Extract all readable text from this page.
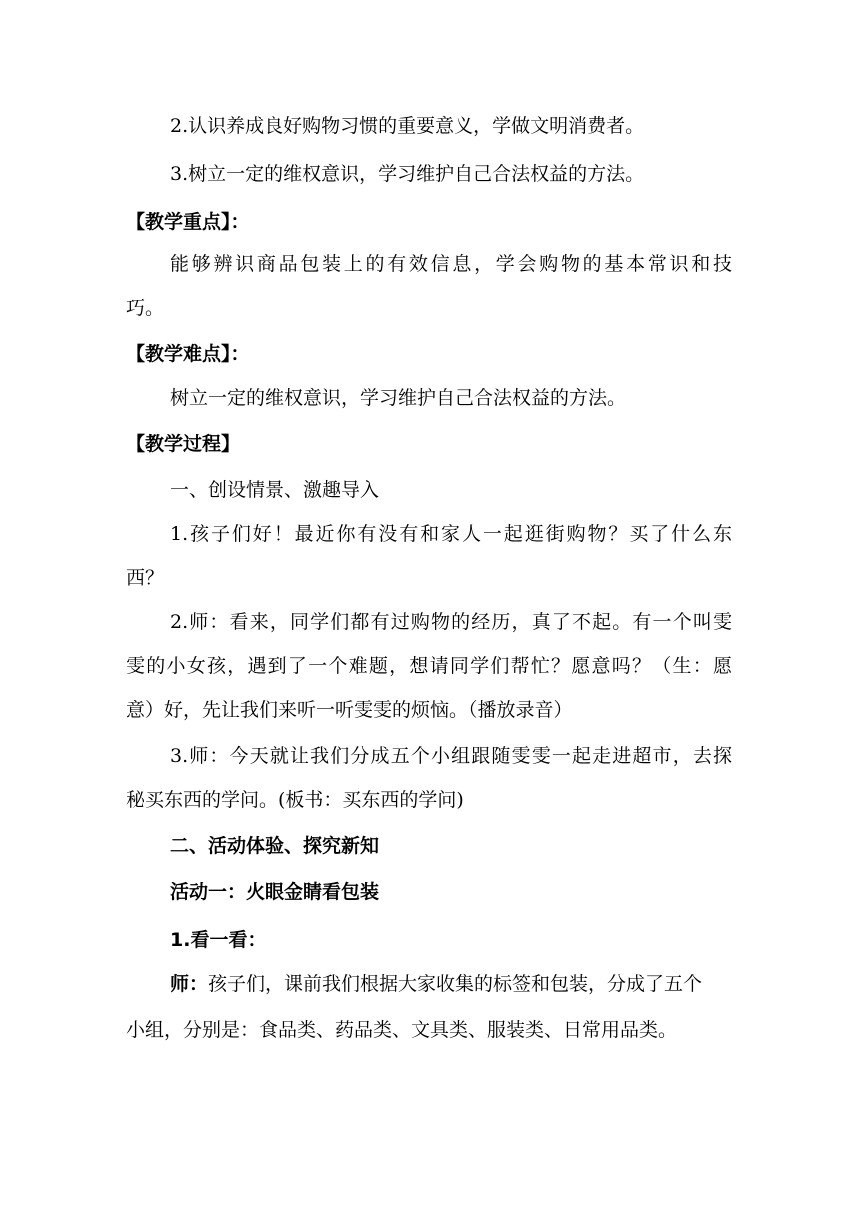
2.认识养成良好购物习惯的重要意义，学做文明消费者。
3.树立一定的维权意识，学习维护自己合法权益的方法。
【教学重点】：
能够辨识商品包装上的有效信息，学会购物的基本常识和技
巧。
【教学难点】：
树立一定的维权意识，学习维护自己合法权益的方法。
【教学过程】
一、创设情景、激趣导入
1.孩子们好！最近你有没有和家人一起逛街购物？买了什么东
西？
2.师：看来，同学们都有过购物的经历，真了不起。有一个叫雯
雯的小女孩，遇到了一个难题，想请同学们帮忙？愿意吗？（生：愿
意）好，先让我们来听一听雯雯的烦恼。（播放录音）
3.师：今天就让我们分成五个小组跟随雯雯一起走进超市，去探
秘买东西的学问。(板书：买东西的学问)
二、活动体验、探究新知
活动一：火眼金睛看包装
1.看一看：
师：孩子们，课前我们根据大家收集的标签和包装，分成了五个
小组，分别是：食品类、药品类、文具类、服装类、日常用品类。
